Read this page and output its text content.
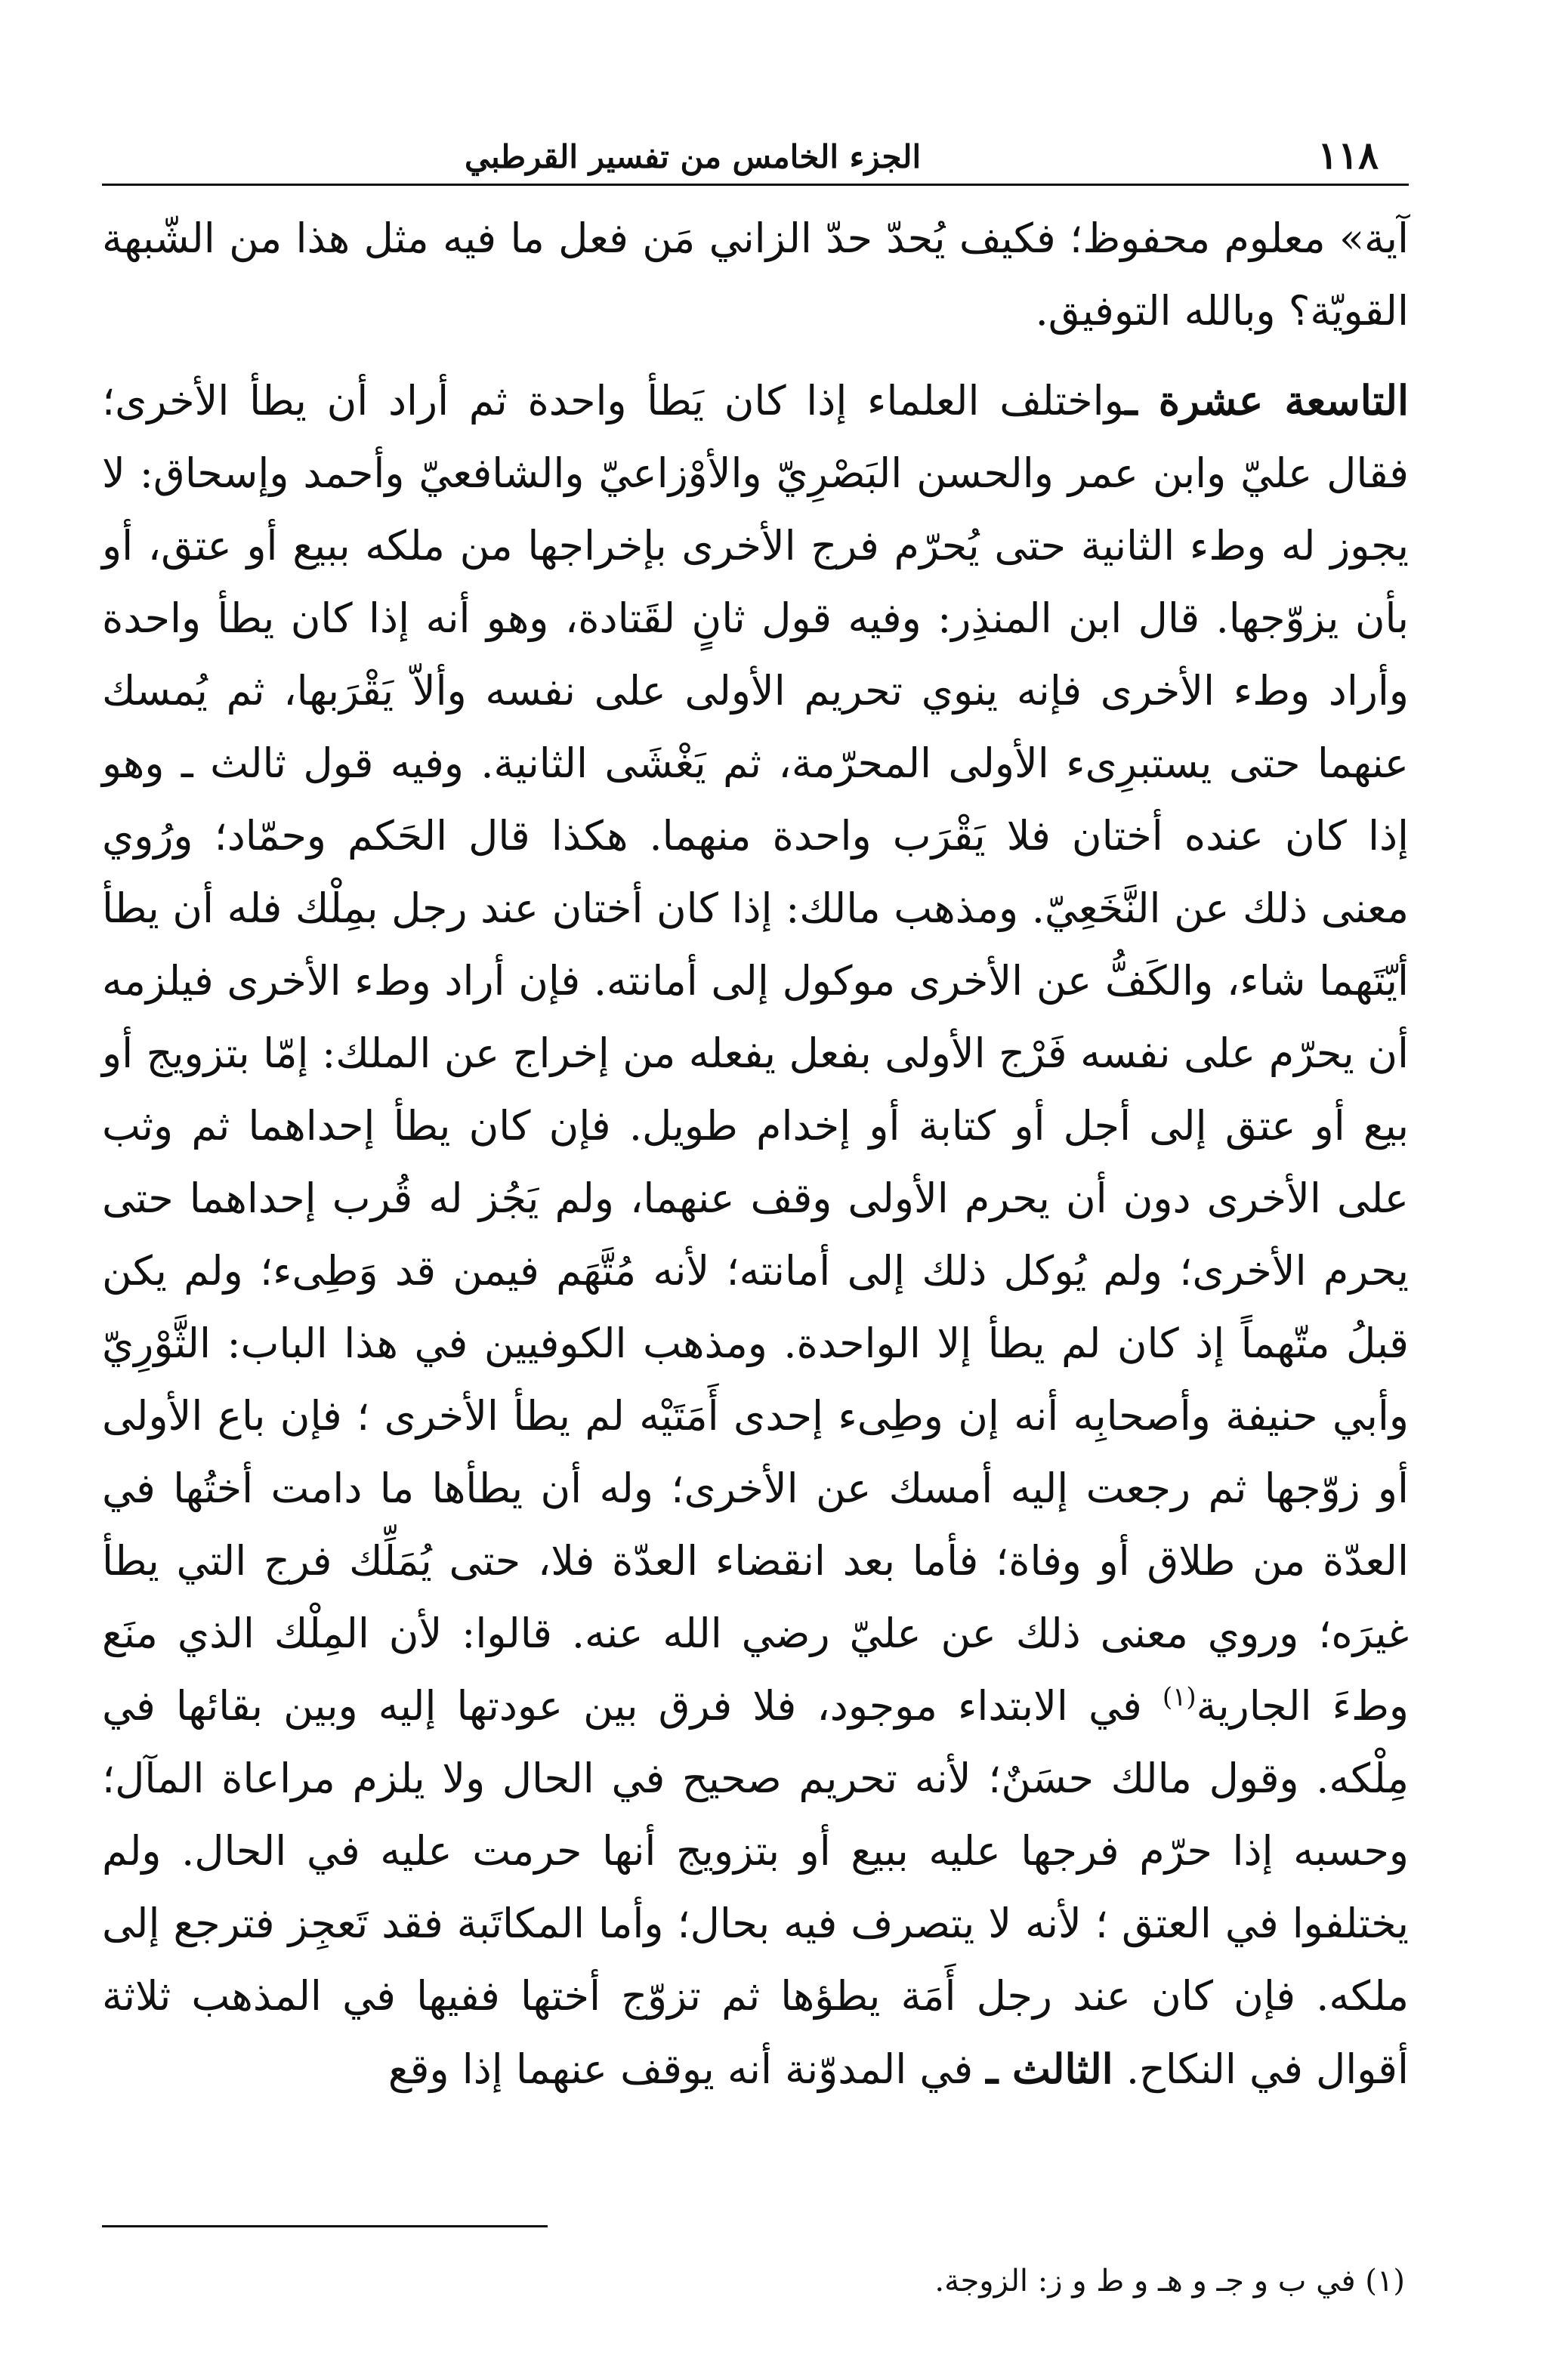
١١٨
الجزء الخامس من تفسير القرطبي

آية» معلوم محفوظ؛ فكيف يُحدّ حدّ الزاني مَن فعل ما فيه مثل هذا من الشّبهة القويّة؟ وبالله التوفيق.

التاسعة عشرة ـواختلف العلماء إذا كان يَطأ واحدة ثم أراد أن يطأ الأخرى؛ فقال عليّ وابن عمر والحسن البَصْرِيّ والأوْزاعيّ والشافعيّ وأحمد وإسحاق: لا يجوز له وطء الثانية حتى يُحرّم فرج الأخرى بإخراجها من ملكه ببيع أو عتق، أو بأن يزوّجها. قال ابن المنذِر: وفيه قول ثانٍ لقَتادة، وهو أنه إذا كان يطأ واحدة وأراد وطء الأخرى فإنه ينوي تحريم الأولى على نفسه وألاّ يَقْرَبها، ثم يُمسك عنهما حتى يستبرِىء الأولى المحرّمة، ثم يَغْشَى الثانية. وفيه قول ثالث ـ وهو إذا كان عنده أختان فلا يَقْرَب واحدة منهما. هكذا قال الحَكم وحمّاد؛ ورُوي معنى ذلك عن النَّخَعِيّ. ومذهب مالك: إذا كان أختان عند رجل بمِلْك فله أن يطأ أيّتَهما شاء، والكَفُّ عن الأخرى موكول إلى أمانته. فإن أراد وطء الأخرى فيلزمه أن يحرّم على نفسه فَرْج الأولى بفعل يفعله من إخراج عن الملك: إمّا بتزويج أو بيع أو عتق إلى أجل أو كتابة أو إخدام طويل. فإن كان يطأ إحداهما ثم وثب على الأخرى دون أن يحرم الأولى وقف عنهما، ولم يَجُز له قُرب إحداهما حتى يحرم الأخرى؛ ولم يُوكل ذلك إلى أمانته؛ لأنه مُتَّهَم فيمن قد وَطِىء؛ ولم يكن قبلُ متّهماً إذ كان لم يطأ إلا الواحدة. ومذهب الكوفيين في هذا الباب: الثَّوْرِيّ وأبي حنيفة وأصحابِه أنه إن وطِىء إحدى أَمَتَيْه لم يطأ الأخرى ؛ فإن باع الأولى أو زوّجها ثم رجعت إليه أمسك عن الأخرى؛ وله أن يطأها ما دامت أختُها في العدّة من طلاق أو وفاة؛ فأما بعد انقضاء العدّة فلا، حتى يُمَلِّك فرج التي يطأ غيرَه؛ وروي معنى ذلك عن عليّ رضي الله عنه. قالوا: لأن المِلْك الذي منَع وطءَ الجارية$^{(١)}$ في الابتداء موجود، فلا فرق بين عودتها إليه وبين بقائها في مِلْكه. وقول مالك حسَنٌ؛ لأنه تحريم صحيح في الحال ولا يلزم مراعاة المآل؛ وحسبه إذا حرّم فرجها عليه ببيع أو بتزويج أنها حرمت عليه في الحال. ولم يختلفوا في العتق ؛ لأنه لا يتصرف فيه بحال؛ وأما المكاتَبة فقد تَعجِز فترجع إلى ملكه. فإن كان عند رجل أَمَة يطؤها ثم تزوّج أختها ففيها في المذهب ثلاثة أقوال في النكاح. الثالث ـ في المدوّنة أنه يوقف عنهما إذا وقع

(١) في ب و جـ و هـ و ط و ز: الزوجة.
